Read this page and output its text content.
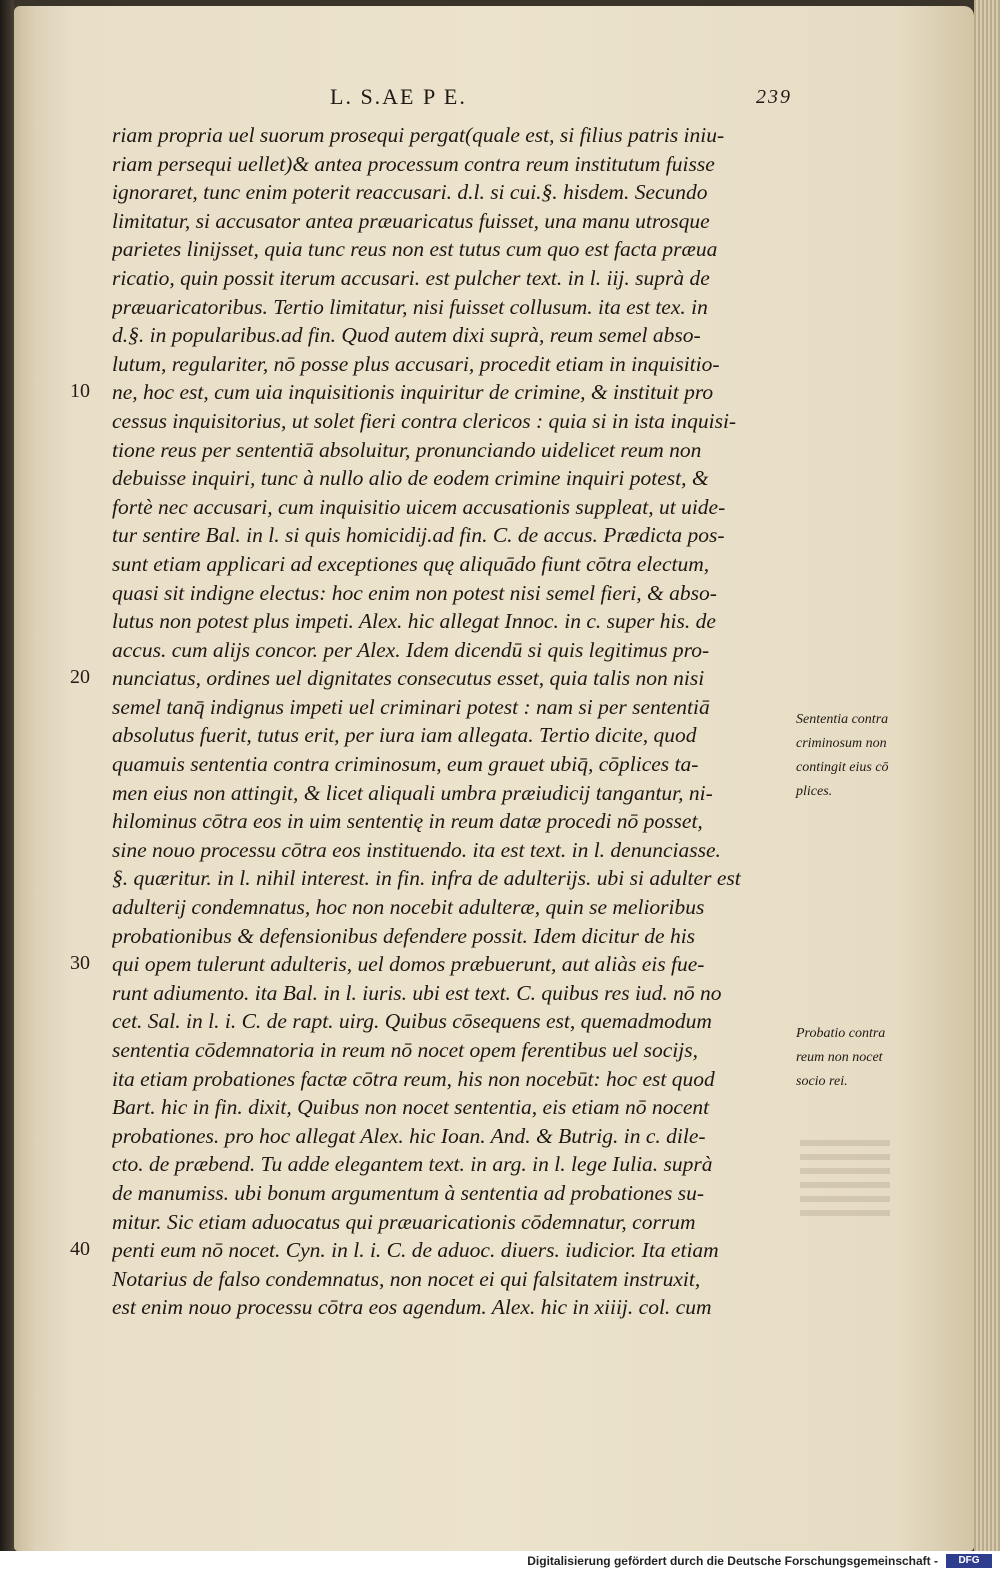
L. S.AE P E.	239
riam propria uel suorum prosequi pergat(quale est, si filius patris iniu-
riam persequi uellet)& antea processum contra reum institutum fuisse
ignoraret, tunc enim poterit reaccusari. d.l. si cui.§. hisdem. Secundo
limitatur, si accusator antea præuaricatus fuisset, una manu utrosque
parietes linijsset, quia tunc reus non est tutus cum quo est facta præua
ricatio, quin possit iterum accusari. est pulcher text. in l. iij. suprà de
præuaricatoribus. Tertio limitatur, nisi fuisset collusum. ita est tex. in
d.§. in popularibus.ad fin. Quod autem dixi suprà, reum semel abso-
lutum, regulariter, nō posse plus accusari, procedit etiam in inquisitio-
ne, hoc est, cum uia inquisitionis inquiritur de crimine, & instituit pro
cessus inquisitorius, ut solet fieri contra clericos : quia si in ista inquisi-
tione reus per sententiā absoluitur, pronunciando uidelicet reum non
debuisse inquiri, tunc à nullo alio de eodem crimine inquiri potest, &
fortè nec accusari, cum inquisitio uicem accusationis suppleat, ut uide-
tur sentire Bal. in l. si quis homicidij.ad fin. C. de accus. Prædicta pos-
sunt etiam applicari ad exceptiones quę aliquādo fiunt cōtra electum,
quasi sit indigne electus: hoc enim non potest nisi semel fieri, & abso-
lutus non potest plus impeti. Alex. hic allegat Innoc. in c. super his. de
accus. cum alijs concor. per Alex. Idem dicendū si quis legitimus pro-
nunciatus, ordines uel dignitates consecutus esset, quia talis non nisi
semel tanq̄ indignus impeti uel criminari potest : nam si per sententiā
absolutus fuerit, tutus erit, per iura iam allegata. Tertio dicite, quod
quamuis sententia contra criminosum, eum grauet ubiq̄, cōplices ta-
men eius non attingit, & licet aliquali umbra præiudicij tangantur, ni-
hilominus cōtra eos in uim sententię in reum datæ procedi nō posset,
sine nouo processu cōtra eos instituendo. ita est text. in l. denunciasse.
§. quæritur. in l. nihil interest. in fin. infra de adulterijs. ubi si adulter est
adulterij condemnatus, hoc non nocebit adulteræ, quin se melioribus
probationibus & defensionibus defendere possit. Idem dicitur de his
qui opem tulerunt adulteris, uel domos præbuerunt, aut aliàs eis fue-
runt adiumento. ita Bal. in l. iuris. ubi est text. C. quibus res iud. nō no
cet. Sal. in l. i. C. de rapt. uirg. Quibus cōsequens est, quemadmodum
sententia cōdemnatoria in reum nō nocet opem ferentibus uel socijs,
ita etiam probationes factæ cōtra reum, his non nocebūt: hoc est quod
Bart. hic in fin. dixit, Quibus non nocet sententia, eis etiam nō nocent
probationes. pro hoc allegat Alex. hic Ioan. And. & Butrig. in c. dile-
cto. de præbend. Tu adde elegantem text. in arg. in l. lege Iulia. suprà
de manumiss. ubi bonum argumentum à sententia ad probationes su-
mitur. Sic etiam aduocatus qui præuaricationis cōdemnatur, corrum
penti eum nō nocet. Cyn. in l. i. C. de aduoc. diuers. iudicior. Ita etiam
Notarius de falso condemnatus, non nocet ei qui falsitatem instruxit,
est enim nouo processu cōtra eos agendum. Alex. hic in xiiij. col. cum
10
20
30
40
Sententia contra
criminosum non
contingit eius cō
plices.
Probatio contra
reum non nocet
socio rei.
Digitalisierung gefördert durch die Deutsche Forschungsgemeinschaft -	DFG
